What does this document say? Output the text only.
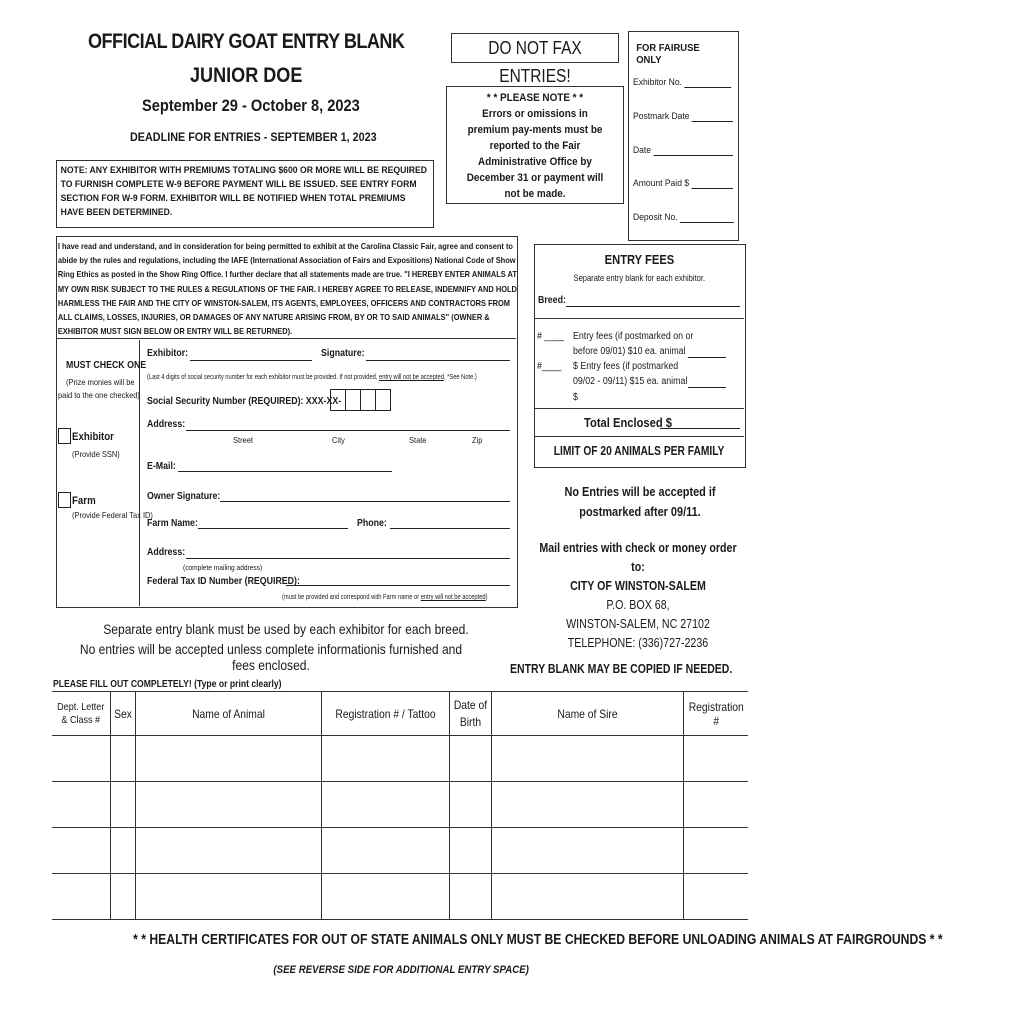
OFFICIAL DAIRY GOAT ENTRY BLANK
JUNIOR DOE
September 29 - October 8, 2023
DEADLINE FOR ENTRIES - SEPTEMBER 1, 2023
NOTE: ANY EXHIBITOR WITH PREMIUMS TOTALING $600 OR MORE WILL BE REQUIRED TO FURNISH COMPLETE W-9 BEFORE PAYMENT WILL BE ISSUED. SEE ENTRY FORM SECTION FOR W-9 FORM. EXHIBITOR WILL BE NOTIFIED WHEN TOTAL PREMIUMS HAVE BEEN DETERMINED.
DO NOT FAX ENTRIES!
* * PLEASE NOTE * *
Errors or omissions in premium pay-ments must be reported to the Fair Administrative Office by December 31 or payment will not be made.
FOR FAIRUSE ONLY
Exhibitor No.
Postmark Date
Date
Amount Paid $
Deposit No.
I have read and understand, and in consideration for being permitted to exhibit at the Carolina Classic Fair, agree and consent to abide by the rules and regulations, including the IAFE (International Association of Fairs and Expositions) National Code of Show Ring Ethics as posted in the Show Ring Office. I further declare that all statements made are true. "I HEREBY ENTER ANIMALS AT MY OWN RISK SUBJECT TO THE RULES & REGULATIONS OF THE FAIR. I HEREBY AGREE TO RELEASE, INDEMNIFY AND HOLD HARMLESS THE FAIR AND THE CITY OF WINSTON-SALEM, ITS AGENTS, EMPLOYEES, OFFICERS AND CONTRACTORS FROM ALL CLAIMS, LOSSES, INJURIES, OR DAMAGES OF ANY NATURE ARISING FROM, BY OR TO SAID ANIMALS" (OWNER & EXHIBITOR MUST SIGN BELOW OR ENTRY WILL BE RETURNED).
MUST CHECK ONE
(Prize monies will be
paid to the one checked)
Exhibitor
(Provide SSN)
Farm
(Provide Federal Tax ID)
Exhibitor:	Signature:
(Last 4 digits of social security number for each exhibitor must be provided. If not provided, entry will not be accepted. *See Note.)
Social Security Number (REQUIRED): XXX-XX-
Address:
Street	City	State	Zip
E-Mail:
Owner Signature:
Farm Name:	Phone:
Address:
(complete mailing address)
Federal Tax ID Number (REQUIRED):
(must be provided and correspond with Farm name or entry will not be accepted)
ENTRY FEES
Separate entry blank for each exhibitor.
Breed:
# ____ Entry fees (if postmarked on or
before 09/01) $10 ea. animal
#____ $ Entry fees (if postmarked
09/02 - 09/11) $15 ea. animal
$
Total Enclosed $
LIMIT OF 20 ANIMALS PER FAMILY
No Entries will be accepted if
postmarked after 09/11.
Mail entries with check or money order to:
CITY OF WINSTON-SALEM
P.O. BOX 68,
WINSTON-SALEM, NC 27102
TELEPHONE: (336)727-2236
Separate entry blank must be used by each exhibitor for each breed.
No entries will be accepted unless complete informationis furnished and fees enclosed.	ENTRY BLANK MAY BE COPIED IF NEEDED.
PLEASE FILL OUT COMPLETELY! (Type or print clearly)
Dept. Letter & Class #	Sex	Name of Animal	Registration # / Tattoo	Date of Birth	Name of Sire	Registration #

* * HEALTH CERTIFICATES FOR OUT OF STATE ANIMALS ONLY MUST BE CHECKED BEFORE UNLOADING ANIMALS AT FAIRGROUNDS * *
(SEE REVERSE SIDE FOR ADDITIONAL ENTRY SPACE)
